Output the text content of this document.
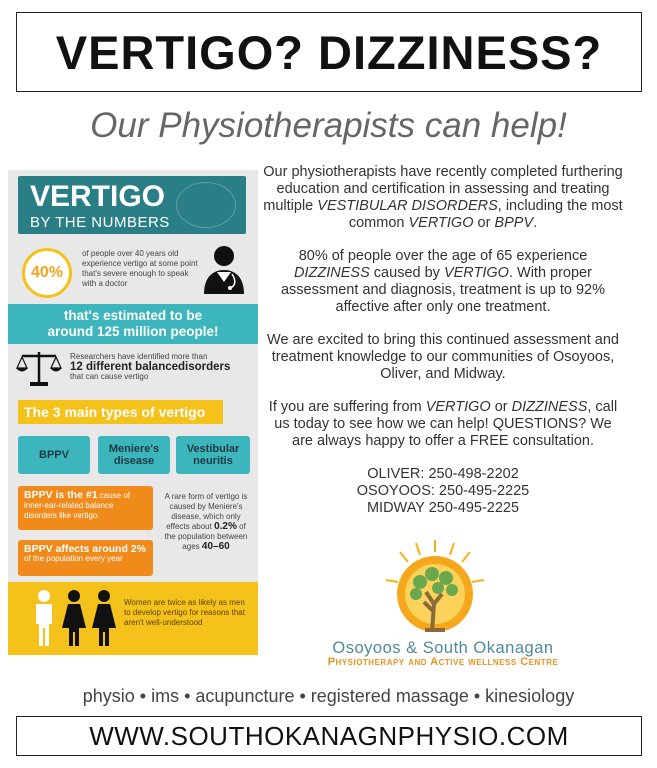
VERTIGO? DIZZINESS?
Our Physiotherapists can help!
VERTIGO
BY THE NUMBERS
40%
of people over 40 years old experience vertigo at some point that's severe enough to speak with a doctor
that's estimated to be
around 125 million people!
Researchers have identified more than
12 different balancedisorders
that can cause vertigo
The 3 main types of vertigo
BPPV	Meniere's disease
Vestibular neuritis
BPPV is the #1 cause of inner-ear-related balance disorders like vertigo.
BPPV affects around 2%
of the population every year
A rare form of vertigo is caused by Meniere's disease, which only effects about 0.2% of the population between ages 40–60
Women are twice as likely as men to develop vertigo for reasons that aren't well-understood

Our physiotherapists have recently completed furthering education and certification in assessing and treating multiple VESTIBULAR DISORDERS, including the most common VERTIGO or BPPV.

80% of people over the age of 65 experience DIZZINESS caused by VERTIGO. With proper assessment and diagnosis, treatment is up to 92% affective after only one treatment.

We are excited to bring this continued assessment and treatment knowledge to our communities of Osoyoos, Oliver, and Midway.

If you are suffering from VERTIGO or DIZZINESS, call us today to see how we can help! QUESTIONS? We are always happy to offer a FREE consultation.

OLIVER: 250-498-2202
OSOYOOS: 250-495-2225
MIDWAY 250-495-2225
Osoyoos & South Okanagan
Physiotherapy and Active wellness Centre
physio • ims • acupuncture • registered massage • kinesiology
WWW.SOUTHOKANAGNPHYSIO.COM
